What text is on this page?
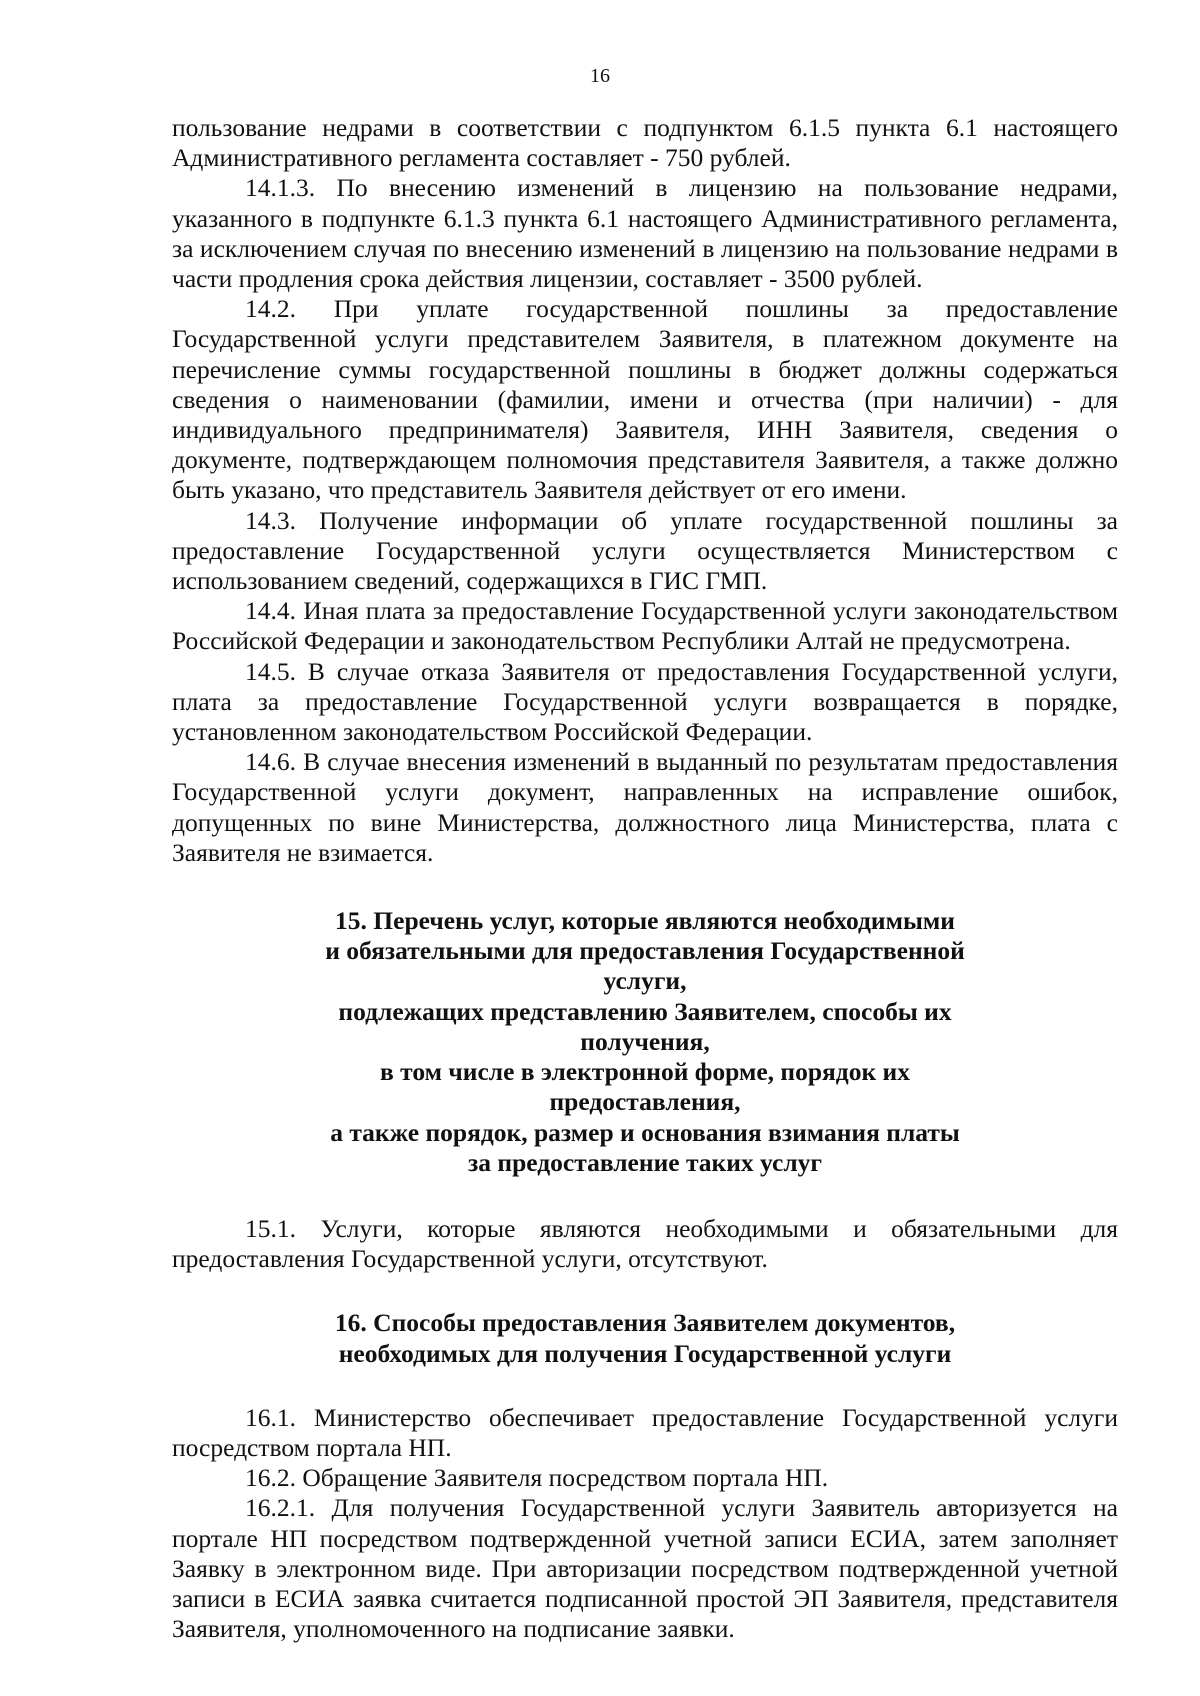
16

пользование недрами в соответствии с подпунктом 6.1.5 пункта 6.1 настоящего Административного регламента составляет - 750 рублей.

14.1.3. По внесению изменений в лицензию на пользование недрами, указанного в подпункте 6.1.3 пункта 6.1 настоящего Административного регламента, за исключением случая по внесению изменений в лицензию на пользование недрами в части продления срока действия лицензии, составляет - 3500 рублей.

14.2. При уплате государственной пошлины за предоставление Государственной услуги представителем Заявителя, в платежном документе на перечисление суммы государственной пошлины в бюджет должны содержаться сведения о наименовании (фамилии, имени и отчества (при наличии) - для индивидуального предпринимателя) Заявителя, ИНН Заявителя, сведения о документе, подтверждающем полномочия представителя Заявителя, а также должно быть указано, что представитель Заявителя действует от его имени.

14.3. Получение информации об уплате государственной пошлины за предоставление Государственной услуги осуществляется Министерством с использованием сведений, содержащихся в ГИС ГМП.

14.4. Иная плата за предоставление Государственной услуги законодательством Российской Федерации и законодательством Республики Алтай не предусмотрена.

14.5. В случае отказа Заявителя от предоставления Государственной услуги, плата за предоставление Государственной услуги возвращается в порядке, установленном законодательством Российской Федерации.

14.6. В случае внесения изменений в выданный по результатам предоставления Государственной услуги документ, направленных на исправление ошибок, допущенных по вине Министерства, должностного лица Министерства, плата с Заявителя не взимается.

15. Перечень услуг, которые являются необходимыми
и обязательными для предоставления Государственной услуги,
подлежащих представлению Заявителем, способы их получения,
в том числе в электронной форме, порядок их предоставления,
а также порядок, размер и основания взимания платы
за предоставление таких услуг

15.1. Услуги, которые являются необходимыми и обязательными для предоставления Государственной услуги, отсутствуют.

16. Способы предоставления Заявителем документов,
необходимых для получения Государственной услуги

16.1. Министерство обеспечивает предоставление Государственной услуги посредством портала НП.

16.2. Обращение Заявителя посредством портала НП.

16.2.1. Для получения Государственной услуги Заявитель авторизуется на портале НП посредством подтвержденной учетной записи ЕСИА, затем заполняет Заявку в электронном виде. При авторизации посредством подтвержденной учетной записи в ЕСИА заявка считается подписанной простой ЭП Заявителя, представителя Заявителя, уполномоченного на подписание заявки.
